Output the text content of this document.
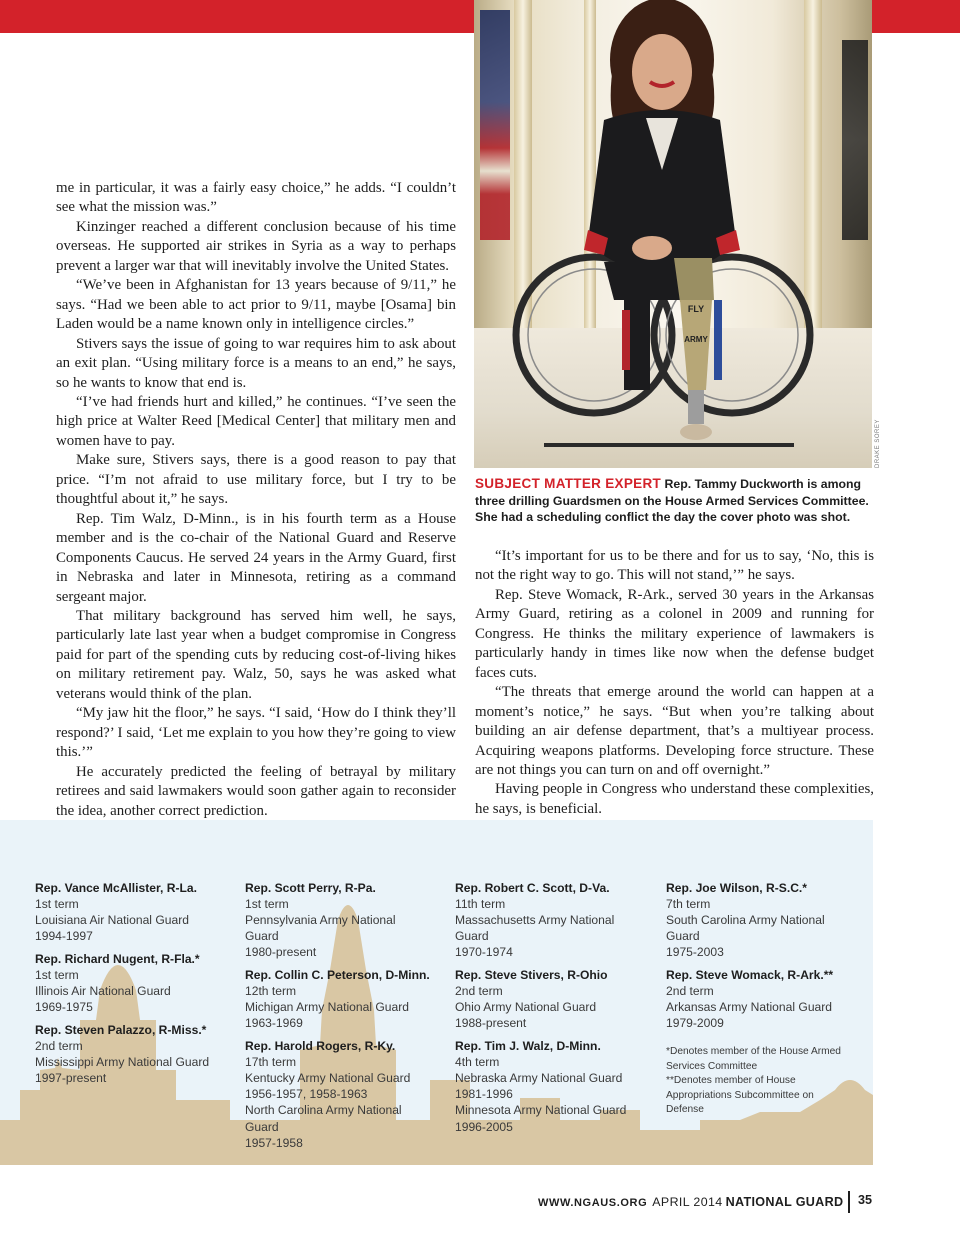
me in particular, it was a fairly easy choice,” he adds. “I couldn’t see what the mission was.”

Kinzinger reached a different conclusion because of his time overseas. He supported air strikes in Syria as a way to perhaps prevent a larger war that will inevitably involve the United States.

“We’ve been in Afghanistan for 13 years because of 9/11,” he says. “Had we been able to act prior to 9/11, maybe [Osama] bin Laden would be a name known only in intelligence circles.”

Stivers says the issue of going to war requires him to ask about an exit plan. “Using military force is a means to an end,” he says, so he wants to know that end is.

“I’ve had friends hurt and killed,” he continues. “I’ve seen the high price at Walter Reed [Medical Center] that military men and women have to pay.

Make sure, Stivers says, there is a good reason to pay that price. “I’m not afraid to use military force, but I try to be thoughtful about it,” he says.

Rep. Tim Walz, D-Minn., is in his fourth term as a House member and is the co-chair of the National Guard and Reserve Components Caucus. He served 24 years in the Army Guard, first in Nebraska and later in Minnesota, retiring as a command sergeant major.

That military background has served him well, he says, particularly late last year when a budget compromise in Congress paid for part of the spending cuts by reducing cost-of-living hikes on military retirement pay. Walz, 50, says he was asked what veterans would think of the plan.

“My jaw hit the floor,” he says. “I said, ‘How do I think they’ll respond?’ I said, ‘Let me explain to you how they’re going to view this.’”

He accurately predicted the feeling of betrayal by military retirees and said lawmakers would soon gather again to reconsider the idea, another correct prediction.

FLY
ARMY
DRAKE SOREY
SUBJECT MATTER EXPERT Rep. Tammy Duckworth is among three drilling Guardsmen on the House Armed Services Committee. She had a scheduling conflict the day the cover photo was shot.

“It’s important for us to be there and for us to say, ‘No, this is not the right way to go. This will not stand,’” he says.

Rep. Steve Womack, R-Ark., served 30 years in the Arkansas Army Guard, retiring as a colonel in 2009 and running for Congress. He thinks the military experience of lawmakers is particularly handy in times like now when the defense budget faces cuts.

“The threats that emerge around the world can happen at a moment’s notice,” he says. “But when you’re talking about building an air defense department, that’s a multiyear process. Acquiring weapons platforms. Developing force structure. These are not things you can turn on and off overnight.”

Having people in Congress who understand these complexities, he says, is beneficial.

Rep. Vance McAllister, R-La.
1st term
Louisiana Air National Guard
1994-1997
Rep. Richard Nugent, R-Fla.*
1st term
Illinois Air National Guard
1969-1975
Rep. Steven Palazzo, R-Miss.*
2nd term
Mississippi Army National Guard
1997-present
Rep. Scott Perry, R-Pa.
1st term
Pennsylvania Army National
Guard
1980-present
Rep. Collin C. Peterson, D-Minn.
12th term
Michigan Army National Guard
1963-1969
Rep. Harold Rogers, R-Ky.
17th term
Kentucky Army National Guard
1956-1957, 1958-1963
North Carolina Army National
Guard
1957-1958
Rep. Robert C. Scott, D-Va.
11th term
Massachusetts Army National
Guard
1970-1974
Rep. Steve Stivers, R-Ohio
2nd term
Ohio Army National Guard
1988-present
Rep. Tim J. Walz, D-Minn.
4th term
Nebraska Army National Guard
1981-1996
Minnesota Army National Guard
1996-2005
Rep. Joe Wilson, R-S.C.*
7th term
South Carolina Army National
Guard
1975-2003
Rep. Steve Womack, R-Ark.**
2nd term
Arkansas Army National Guard
1979-2009
*Denotes member of the House Armed
Services Committee
**Denotes member of House
Appropriations Subcommittee on
Defense
WWW.NGAUS.ORG APRIL 2014 NATIONAL GUARD 35
